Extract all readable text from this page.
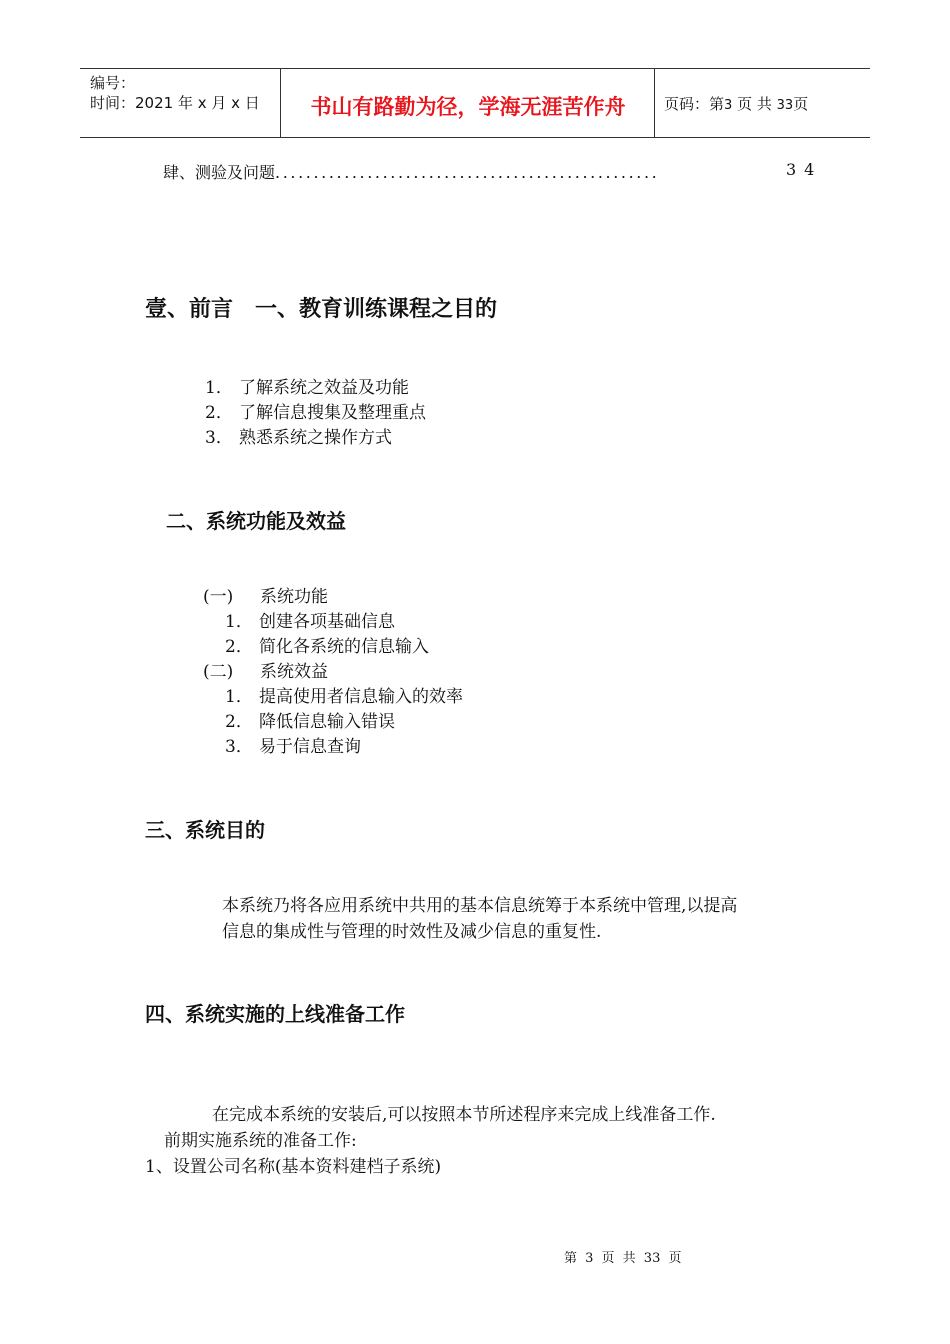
编号：
时间：2021 年 x 月 x 日	书山有路勤为径，学海无涯苦作舟	页码：第3 页 共 33页
肆、测验及问题..................................................	34
壹、前言　一、教育训练课程之目的
1． 了解系统之效益及功能
2． 了解信息搜集及整理重点
3． 熟悉系统之操作方式
二、系统功能及效益
(一) 系统功能
1． 创建各项基础信息
2． 简化各系统的信息输入
(二) 系统效益
1． 提高使用者信息输入的效率
2． 降低信息输入错误
3． 易于信息查询
三、系统目的
本系统乃将各应用系统中共用的基本信息统筹于本系统中管理,以提高
信息的集成性与管理的时效性及减少信息的重复性.
四、系统实施的上线准备工作
在完成本系统的安装后,可以按照本节所述程序来完成上线准备工作.
前期实施系统的准备工作:
1、设置公司名称(基本资料建档子系统)
第 3 页 共 33 页
